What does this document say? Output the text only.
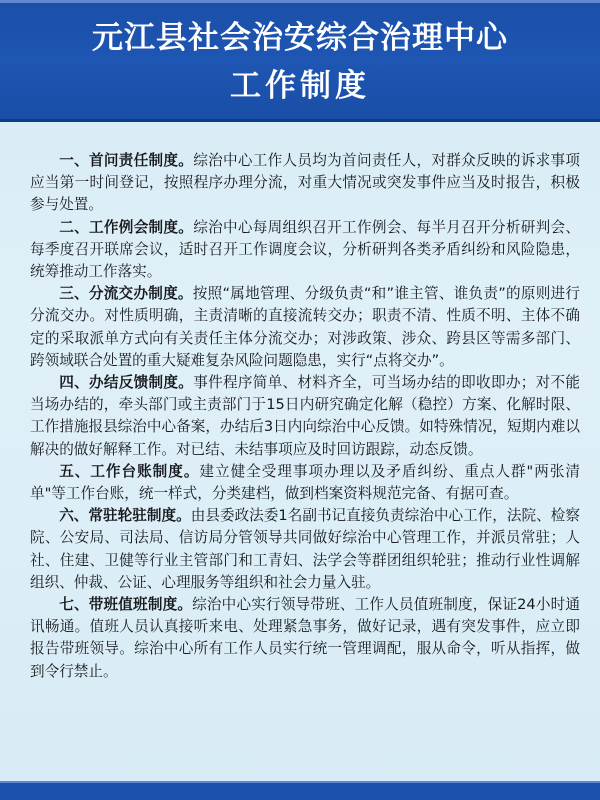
元江县社会治安综合治理中心
工作制度

一、首问责任制度。综治中心工作人员均为首问责任人，对群众反映的诉求事项应当第一时间登记，按照程序办理分流，对重大情况或突发事件应当及时报告，积极参与处置。

二、工作例会制度。综治中心每周组织召开工作例会、每半月召开分析研判会、每季度召开联席会议，适时召开工作调度会议，分析研判各类矛盾纠纷和风险隐患，统筹推动工作落实。

三、分流交办制度。按照“属地管理、分级负责“和”谁主管、谁负责”的原则进行分流交办。对性质明确，主责清晰的直接流转交办；职责不清、性质不明、主体不确定的采取派单方式向有关责任主体分流交办；对涉政策、涉众、跨县区等需多部门、跨领域联合处置的重大疑难复杂风险问题隐患，实行“点将交办”。

四、办结反馈制度。事件程序简单、材料齐全，可当场办结的即收即办；对不能当场办结的，牵头部门或主责部门于15日内研究确定化解（稳控）方案、化解时限、工作措施报县综治中心备案，办结后3日内向综治中心反馈。如特殊情况，短期内难以解决的做好解释工作。对已结、未结事项应及时回访跟踪，动态反馈。

五、工作台账制度。建立健全受理事项办理以及矛盾纠纷、重点人群"两张清单"等工作台账，统一样式，分类建档，做到档案资料规范完备、有据可查。

六、常驻轮驻制度。由县委政法委1名副书记直接负责综治中心工作，法院、检察院、公安局、司法局、信访局分管领导共同做好综治中心管理工作，并派员常驻；人社、住建、卫健等行业主管部门和工青妇、法学会等群团组织轮驻；推动行业性调解组织、仲裁、公证、心理服务等组织和社会力量入驻。

七、带班值班制度。综治中心实行领导带班、工作人员值班制度，保证24小时通讯畅通。值班人员认真接听来电、处理紧急事务，做好记录，遇有突发事件，应立即报告带班领导。综治中心所有工作人员实行统一管理调配，服从命令，听从指挥，做到令行禁止。
